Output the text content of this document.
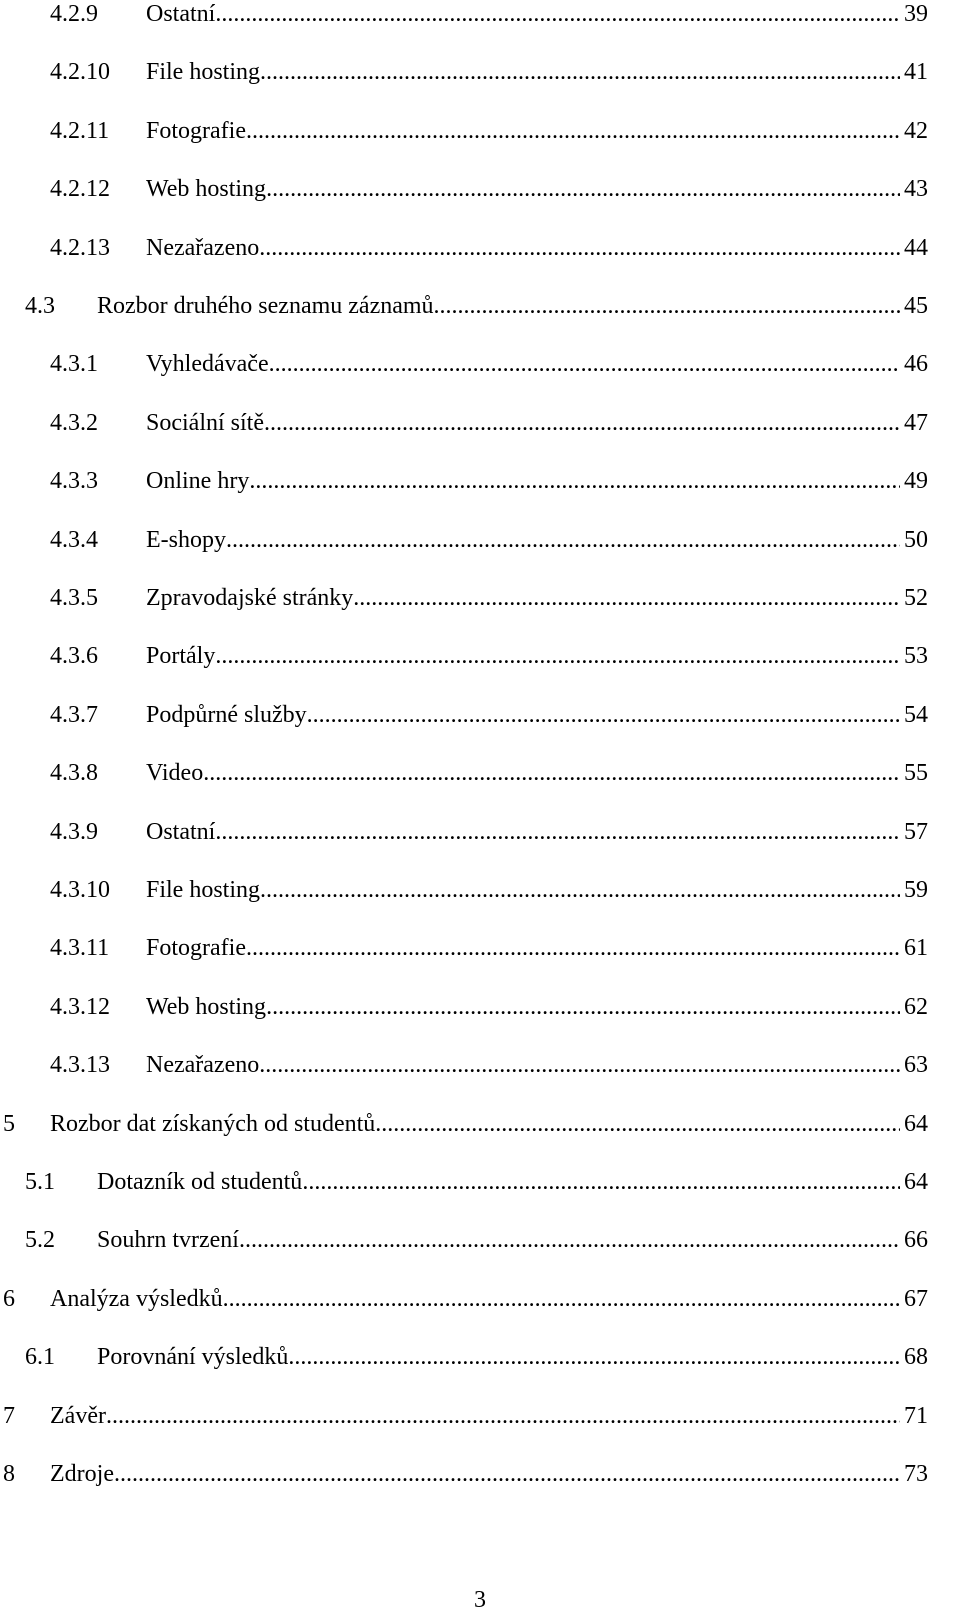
4.2.9 Ostatní .....	39
4.2.10 File hosting .....	41
4.2.11 Fotografie .....	42
4.2.12 Web hosting .....	43
4.2.13 Nezařazeno .....	44
4.3 Rozbor druhého seznamu záznamů .....	45
4.3.1 Vyhledávače .....	46
4.3.2 Sociální sítě .....	47
4.3.3 Online hry .....	49
4.3.4 E-shopy .....	50
4.3.5 Zpravodajské stránky .....	52
4.3.6 Portály .....	53
4.3.7 Podpůrné služby .....	54
4.3.8 Video .....	55
4.3.9 Ostatní .....	57
4.3.10 File hosting .....	59
4.3.11 Fotografie .....	61
4.3.12 Web hosting .....	62
4.3.13 Nezařazeno .....	63
5 Rozbor dat získaných od studentů .....	64
5.1 Dotazník od studentů .....	64
5.2 Souhrn tvrzení .....	66
6 Analýza výsledků .....	67
6.1 Porovnání výsledků .....	68
7 Závěr .....	71
8 Zdroje .....	73
3
